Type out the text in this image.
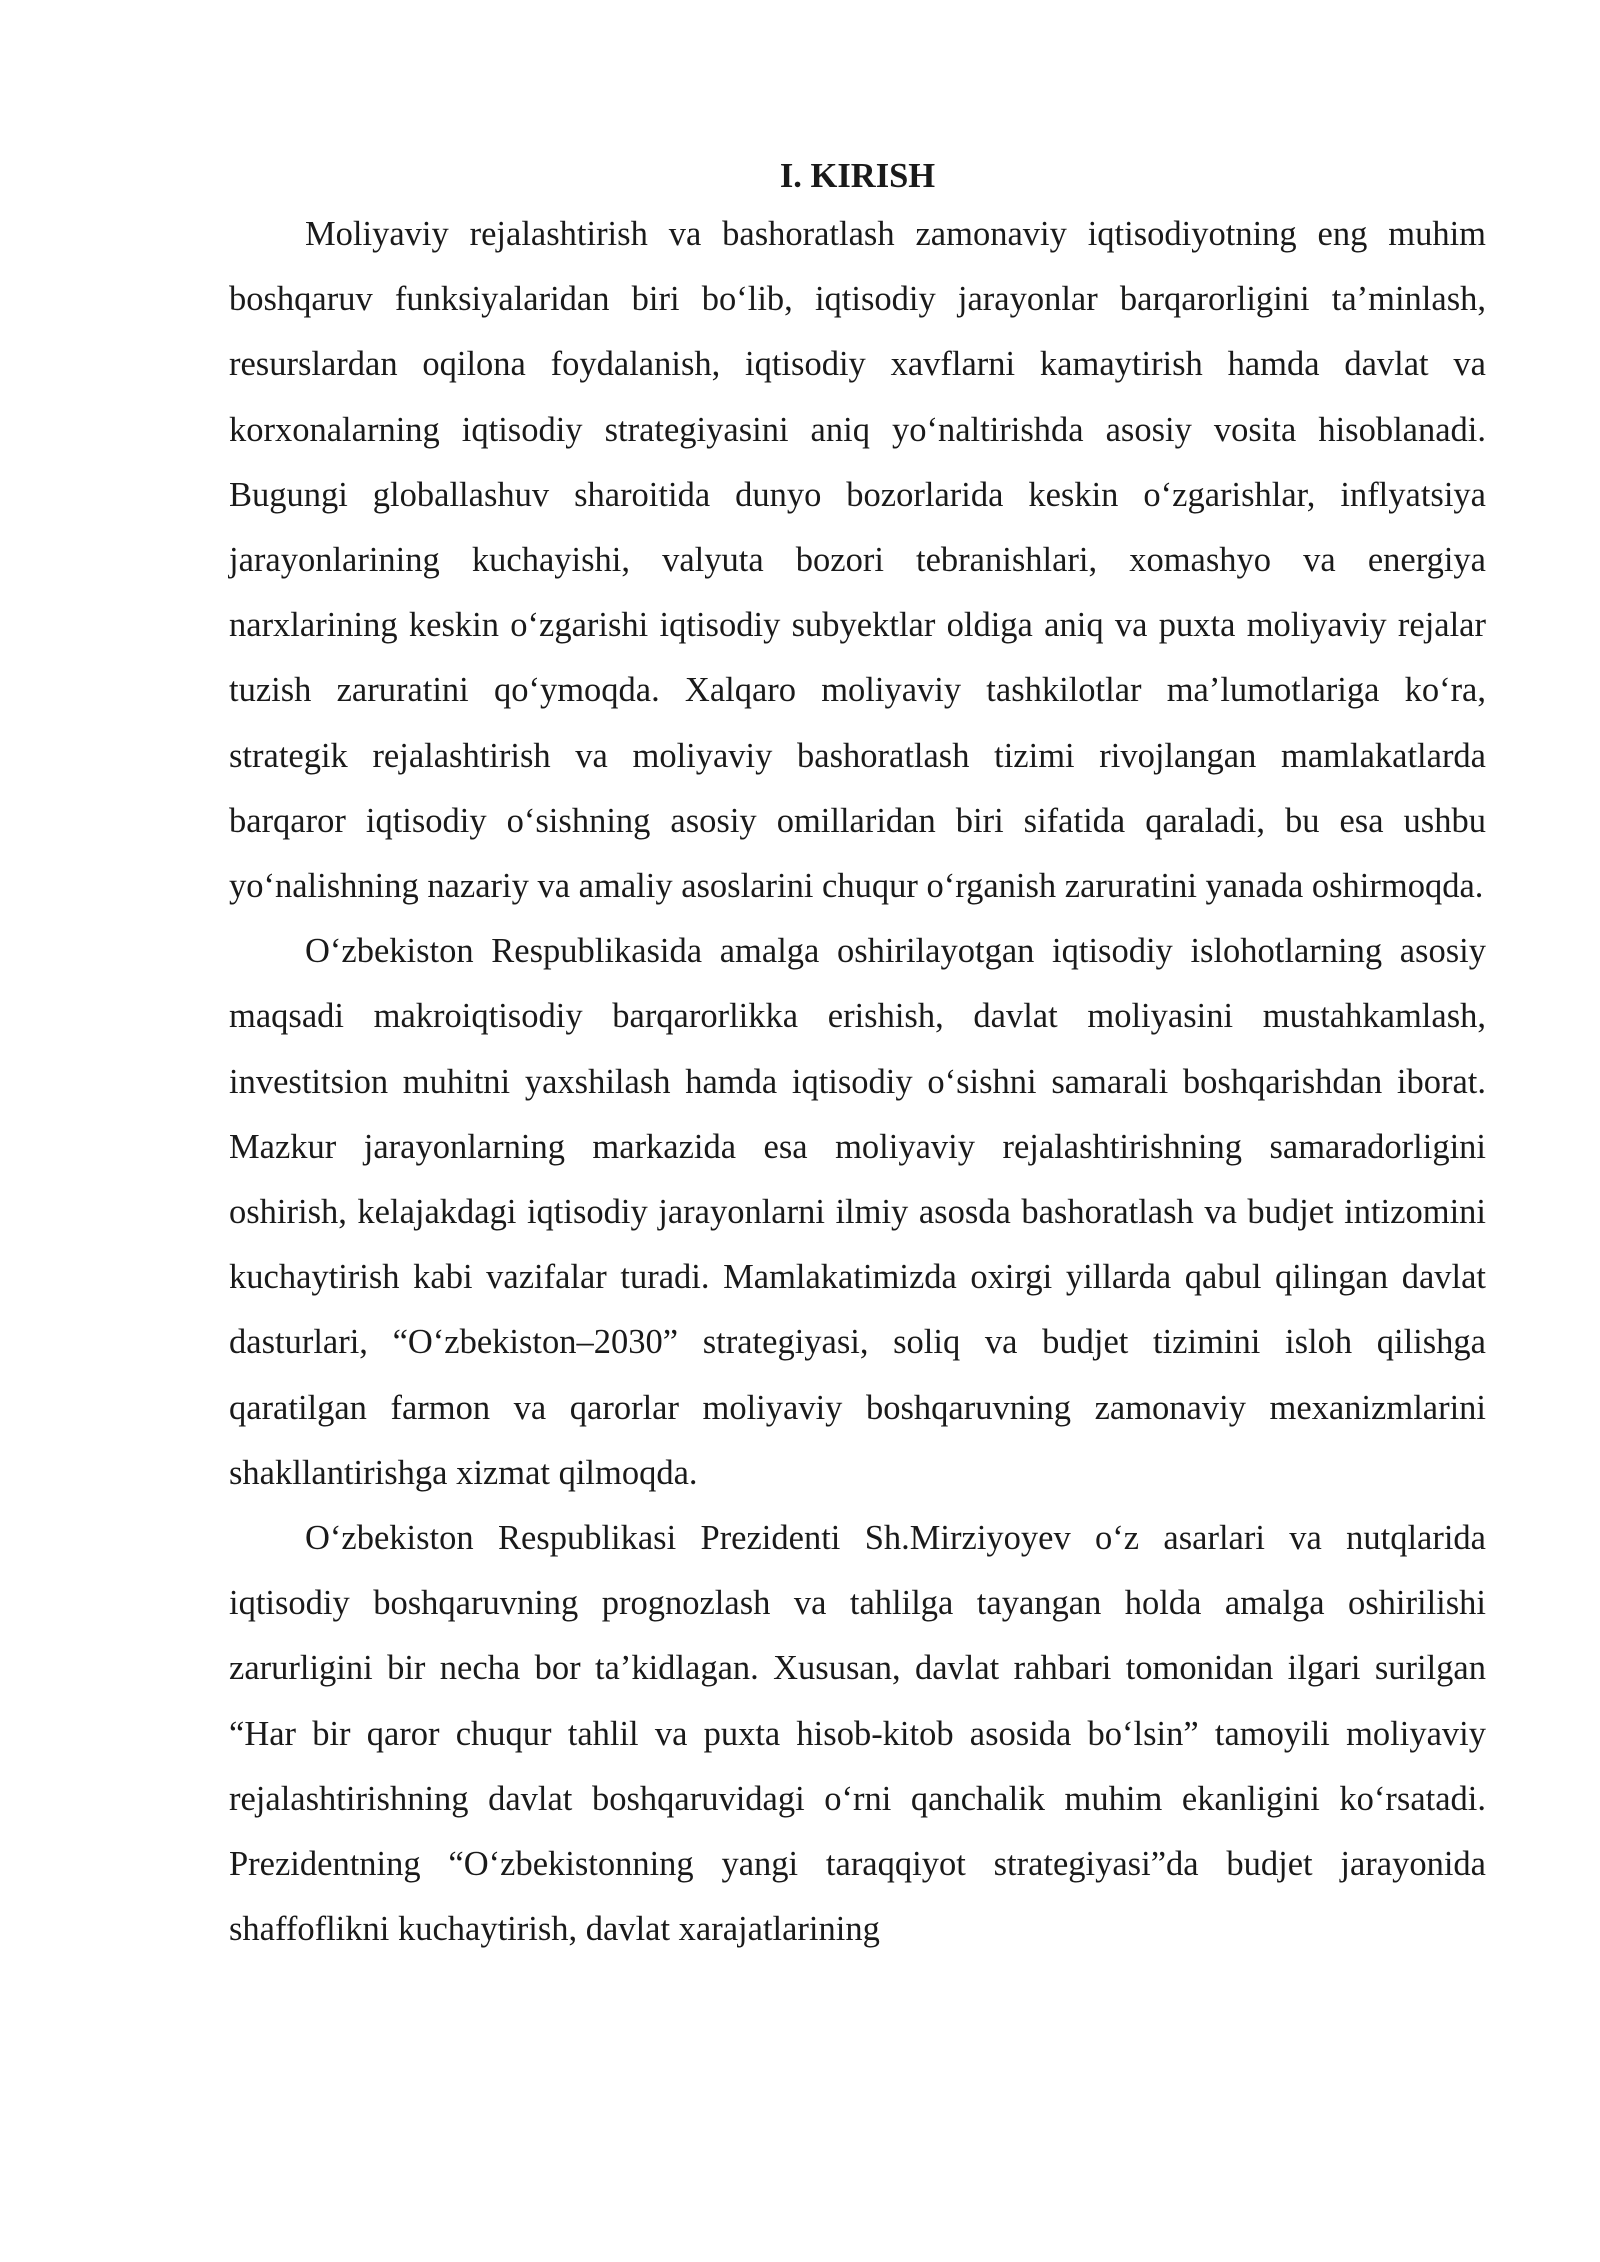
I. KIRISH

Moliyaviy rejalashtirish va bashoratlash zamonaviy iqtisodiyotning eng muhim boshqaruv funksiyalaridan biri bo‘lib, iqtisodiy jarayonlar barqarorligini ta’minlash, resurslardan oqilona foydalanish, iqtisodiy xavflarni kamaytirish hamda davlat va korxonalarning iqtisodiy strategiyasini aniq yo‘naltirishda asosiy vosita hisoblanadi. Bugungi globallashuv sharoitida dunyo bozorlarida keskin o‘zgarishlar, inflyatsiya jarayonlarining kuchayishi, valyuta bozori tebranishlari, xomashyo va energiya narxlarining keskin o‘zgarishi iqtisodiy subyektlar oldiga aniq va puxta moliyaviy rejalar tuzish zaruratini qo‘ymoqda. Xalqaro moliyaviy tashkilotlar ma’lumotlariga ko‘ra, strategik rejalashtirish va moliyaviy bashoratlash tizimi rivojlangan mamlakatlarda barqaror iqtisodiy o‘sishning asosiy omillaridan biri sifatida qaraladi, bu esa ushbu yo‘nalishning nazariy va amaliy asoslarini chuqur o‘rganish zaruratini yanada oshirmoqda.

O‘zbekiston Respublikasida amalga oshirilayotgan iqtisodiy islohotlarning asosiy maqsadi makroiqtisodiy barqarorlikka erishish, davlat moliyasini mustahkamlash, investitsion muhitni yaxshilash hamda iqtisodiy o‘sishni samarali boshqarishdan iborat. Mazkur jarayonlarning markazida esa moliyaviy rejalashtirishning samaradorligini oshirish, kelajakdagi iqtisodiy jarayonlarni ilmiy asosda bashoratlash va budjet intizomini kuchaytirish kabi vazifalar turadi. Mamlakatimizda oxirgi yillarda qabul qilingan davlat dasturlari, “O‘zbekiston–2030” strategiyasi, soliq va budjet tizimini isloh qilishga qaratilgan farmon va qarorlar moliyaviy boshqaruvning zamonaviy mexanizmlarini shakllantirishga xizmat qilmoqda.

O‘zbekiston Respublikasi Prezidenti Sh.Mirziyoyev o‘z asarlari va nutqlarida iqtisodiy boshqaruvning prognozlash va tahlilga tayangan holda amalga oshirilishi zarurligini bir necha bor ta’kidlagan. Xususan, davlat rahbari tomonidan ilgari surilgan “Har bir qaror chuqur tahlil va puxta hisob-kitob asosida bo‘lsin” tamoyili moliyaviy rejalashtirishning davlat boshqaruvidagi o‘rni qanchalik muhim ekanligini ko‘rsatadi. Prezidentning “O‘zbekistonning yangi taraqqiyot strategiyasi”da budjet jarayonida shaffoflikni kuchaytirish, davlat xarajatlarining
